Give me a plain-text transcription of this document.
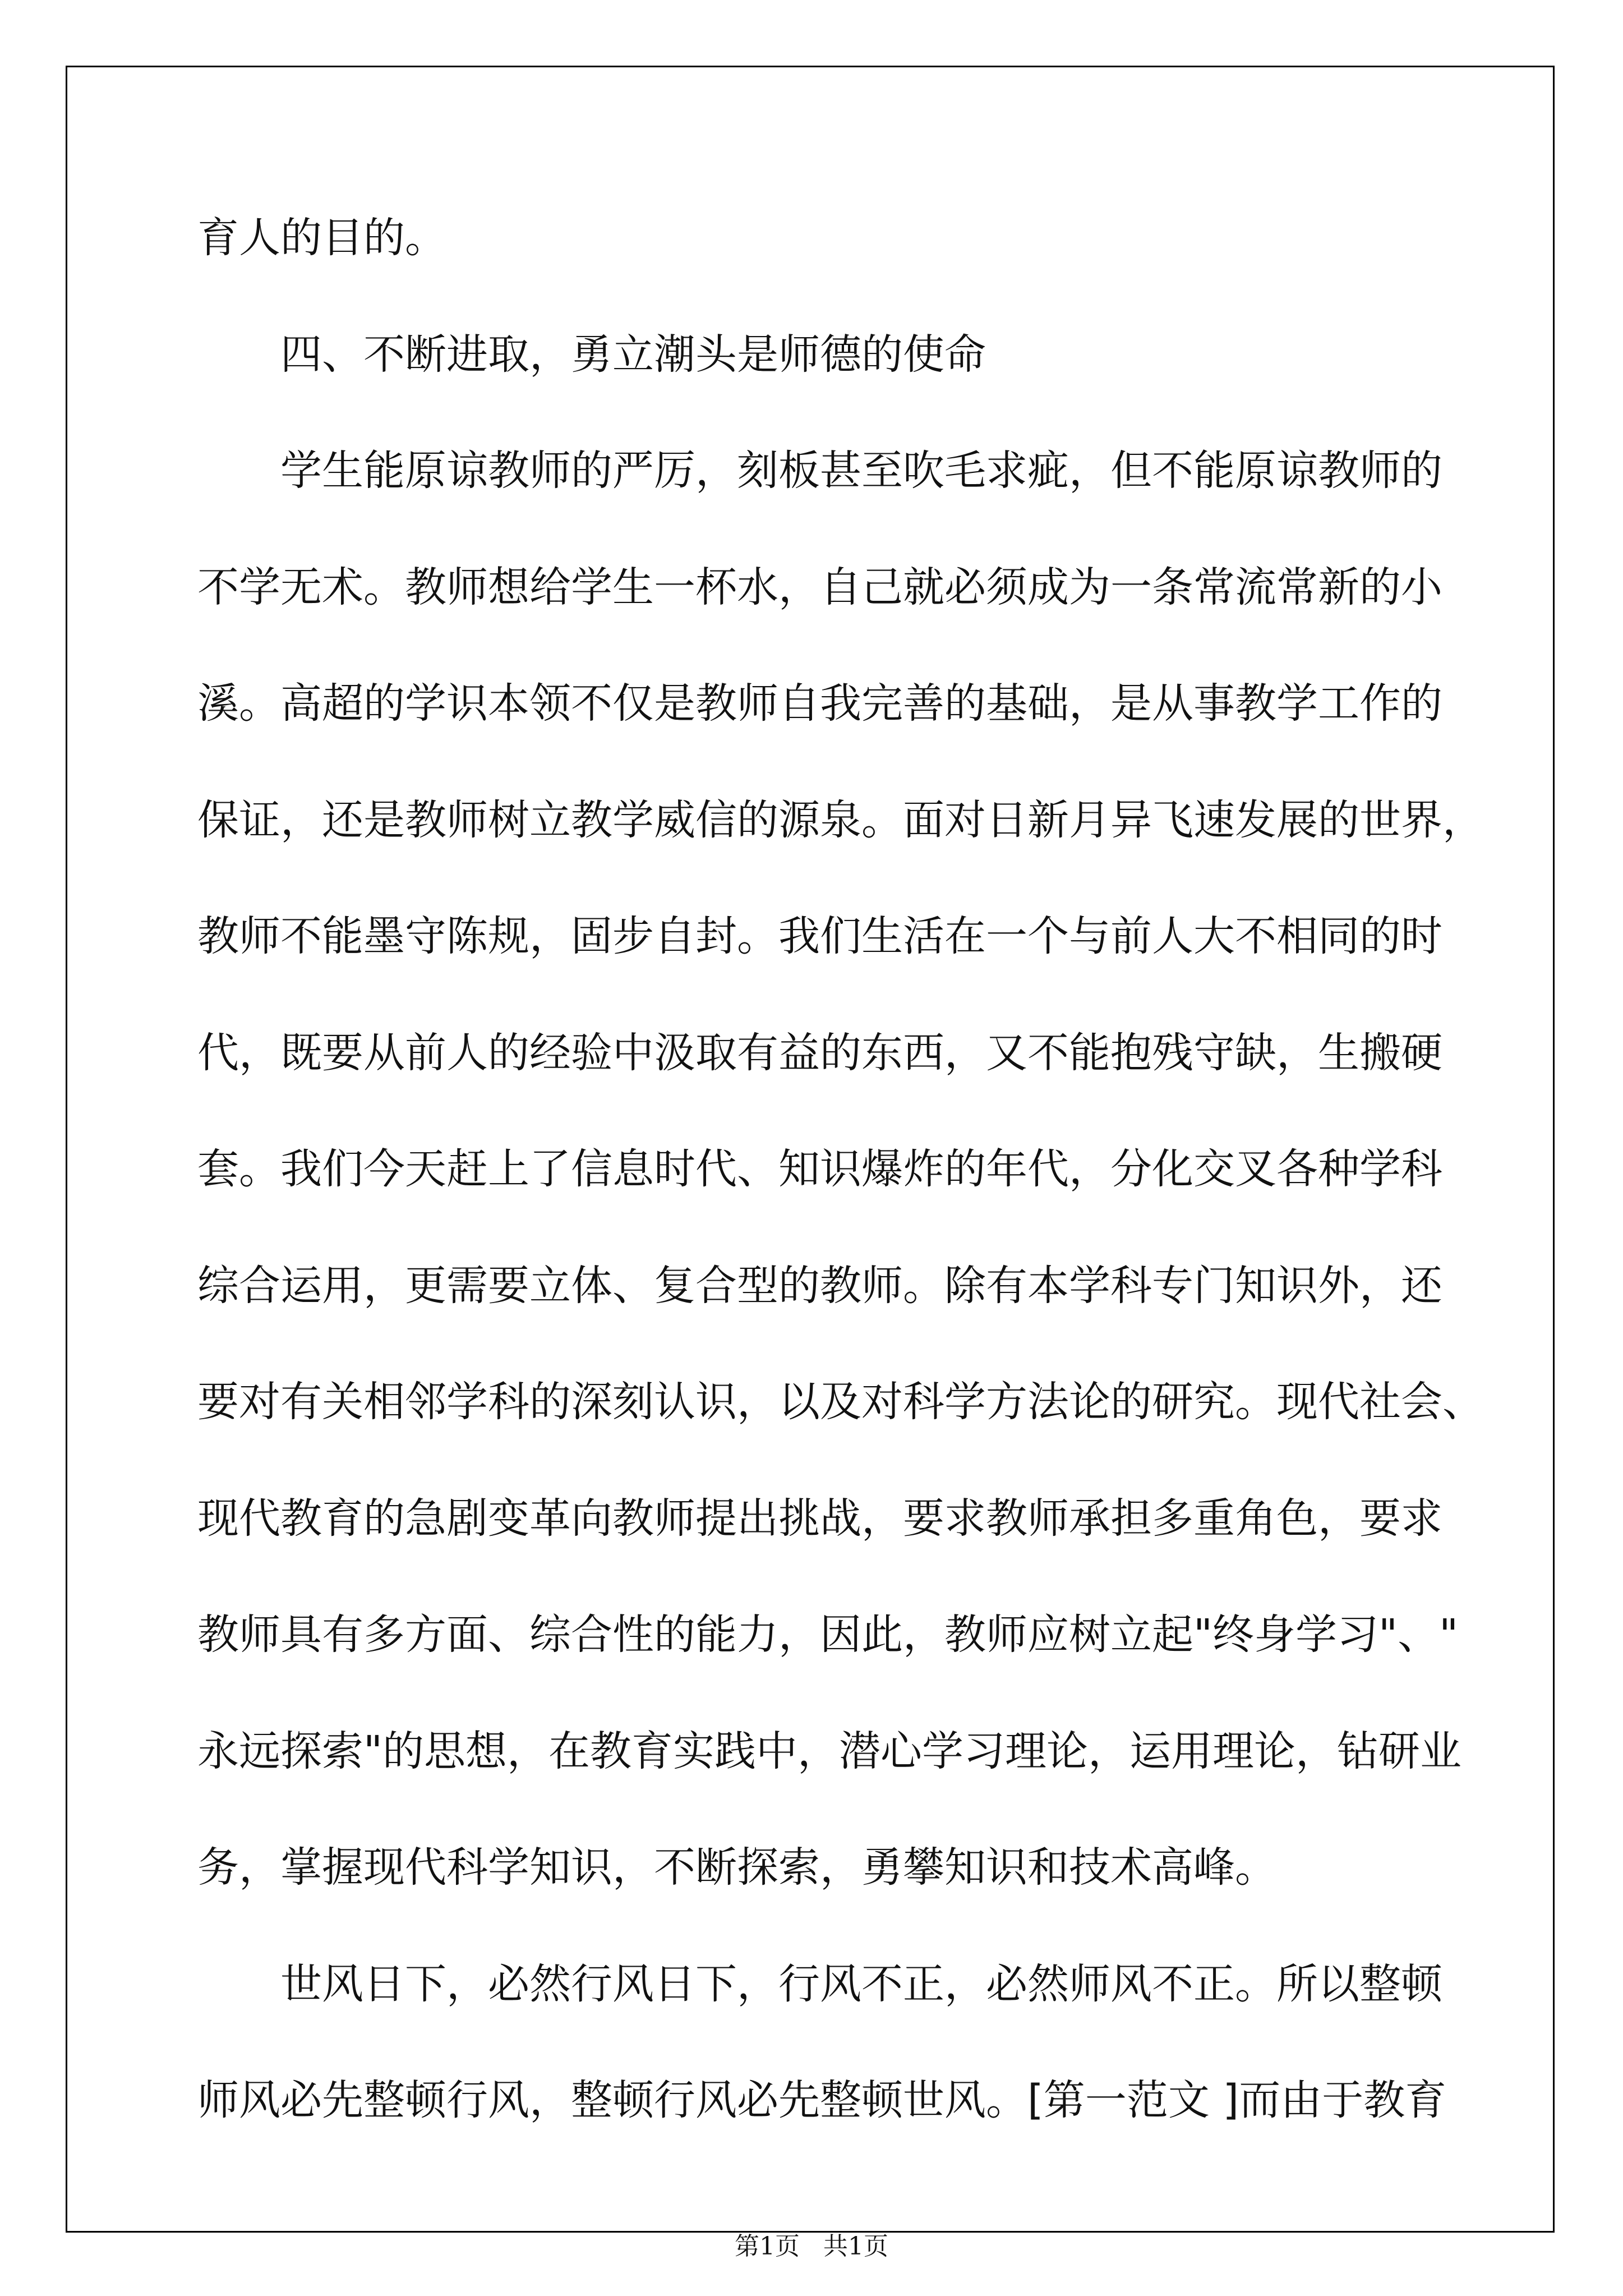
育人的目的。
四、不断进取，勇立潮头是师德的使命
学生能原谅教师的严厉，刻板甚至吹毛求疵，但不能原谅教师的
不学无术。教师想给学生一杯水，自己就必须成为一条常流常新的小
溪。高超的学识本领不仅是教师自我完善的基础，是从事教学工作的
保证，还是教师树立教学威信的源泉。面对日新月异飞速发展的世界，
教师不能墨守陈规，固步自封。我们生活在一个与前人大不相同的时
代，既要从前人的经验中汲取有益的东西，又不能抱残守缺，生搬硬
套。我们今天赶上了信息时代、知识爆炸的年代，分化交叉各种学科
综合运用，更需要立体、复合型的教师。除有本学科专门知识外，还
要对有关相邻学科的深刻认识，以及对科学方法论的研究。现代社会、
现代教育的急剧变革向教师提出挑战，要求教师承担多重角色，要求
教师具有多方面、综合性的能力，因此，教师应树立起"终身学习"、"
永远探索"的思想，在教育实践中，潜心学习理论，运用理论，钻研业
务，掌握现代科学知识，不断探索，勇攀知识和技术高峰。
世风日下，必然行风日下，行风不正，必然师风不正。所以整顿
师风必先整顿行风，整顿行风必先整顿世风。[第一范文 ]而由于教育
第1页   共1页
